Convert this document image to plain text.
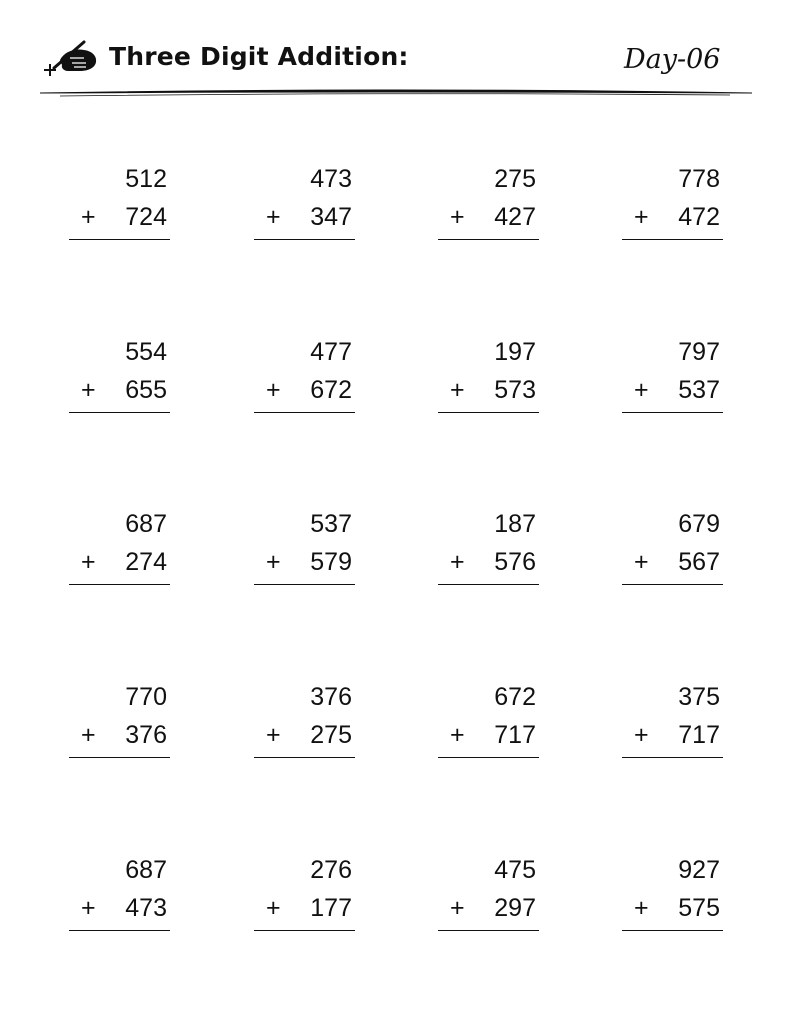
Three Digit Addition:	Day-06
512
+ 724
473
+ 347
275
+ 427
778
+ 472
554
+ 655
477
+ 672
197
+ 573
797
+ 537
687
+ 274
537
+ 579
187
+ 576
679
+ 567
770
+ 376
376
+ 275
672
+ 717
375
+ 717
687
+ 473
276
+ 177
475
+ 297
927
+ 575
